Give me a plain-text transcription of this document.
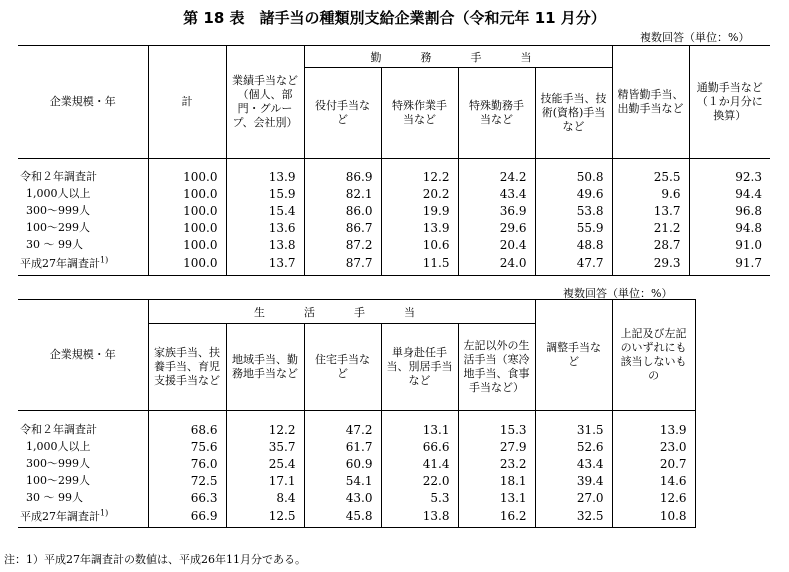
第 18 表　諸手当の種類別支給企業割合（令和元年 11 月分）
複数回答（単位：%）
企業規模・年	計	業績手当など（個人、部門・グループ、会社別）	勤　務　手　当				精皆勤手当、出勤手当など	通勤手当など（１か月分に換算）
			役付手当など	特殊作業手当など	特殊勤務手当など	技能手当、技術(資格)手当など		
令和２年調査計	100.0	13.9	86.9	12.2	24.2	50.8	25.5	92.3
1,000人以上	100.0	15.9	82.1	20.2	43.4	49.6	9.6	94.4
300～999人	100.0	15.4	86.0	19.9	36.9	53.8	13.7	96.8
100～299人	100.0	13.6	86.7	13.9	29.6	55.9	21.2	94.8
30 ～ 99人	100.0	13.8	87.2	10.6	20.4	48.8	28.7	91.0
平成27年調査計$^{1)}$	100.0	13.7	87.7	11.5	24.0	47.7	29.3	91.7
複数回答（単位：%）
企業規模・年	生　活　手　当					調整手当など	上記及び左記のいずれにも該当しないもの
	家族手当、扶養手当、育児支援手当など	地域手当、勤務地手当など	住宅手当など	単身赴任手当、別居手当など	左記以外の生活手当（寒冷地手当、食事手当など）		
令和２年調査計	68.6	12.2	47.2	13.1	15.3	31.5	13.9
1,000人以上	75.6	35.7	61.7	66.6	27.9	52.6	23.0
300～999人	76.0	25.4	60.9	41.4	23.2	43.4	20.7
100～299人	72.5	17.1	54.1	22.0	18.1	39.4	14.6
30 ～ 99人	66.3	8.4	43.0	5.3	13.1	27.0	12.6
平成27年調査計$^{1)}$	66.9	12.5	45.8	13.8	16.2	32.5	10.8
注：1）平成27年調査計の数値は、平成26年11月分である。
